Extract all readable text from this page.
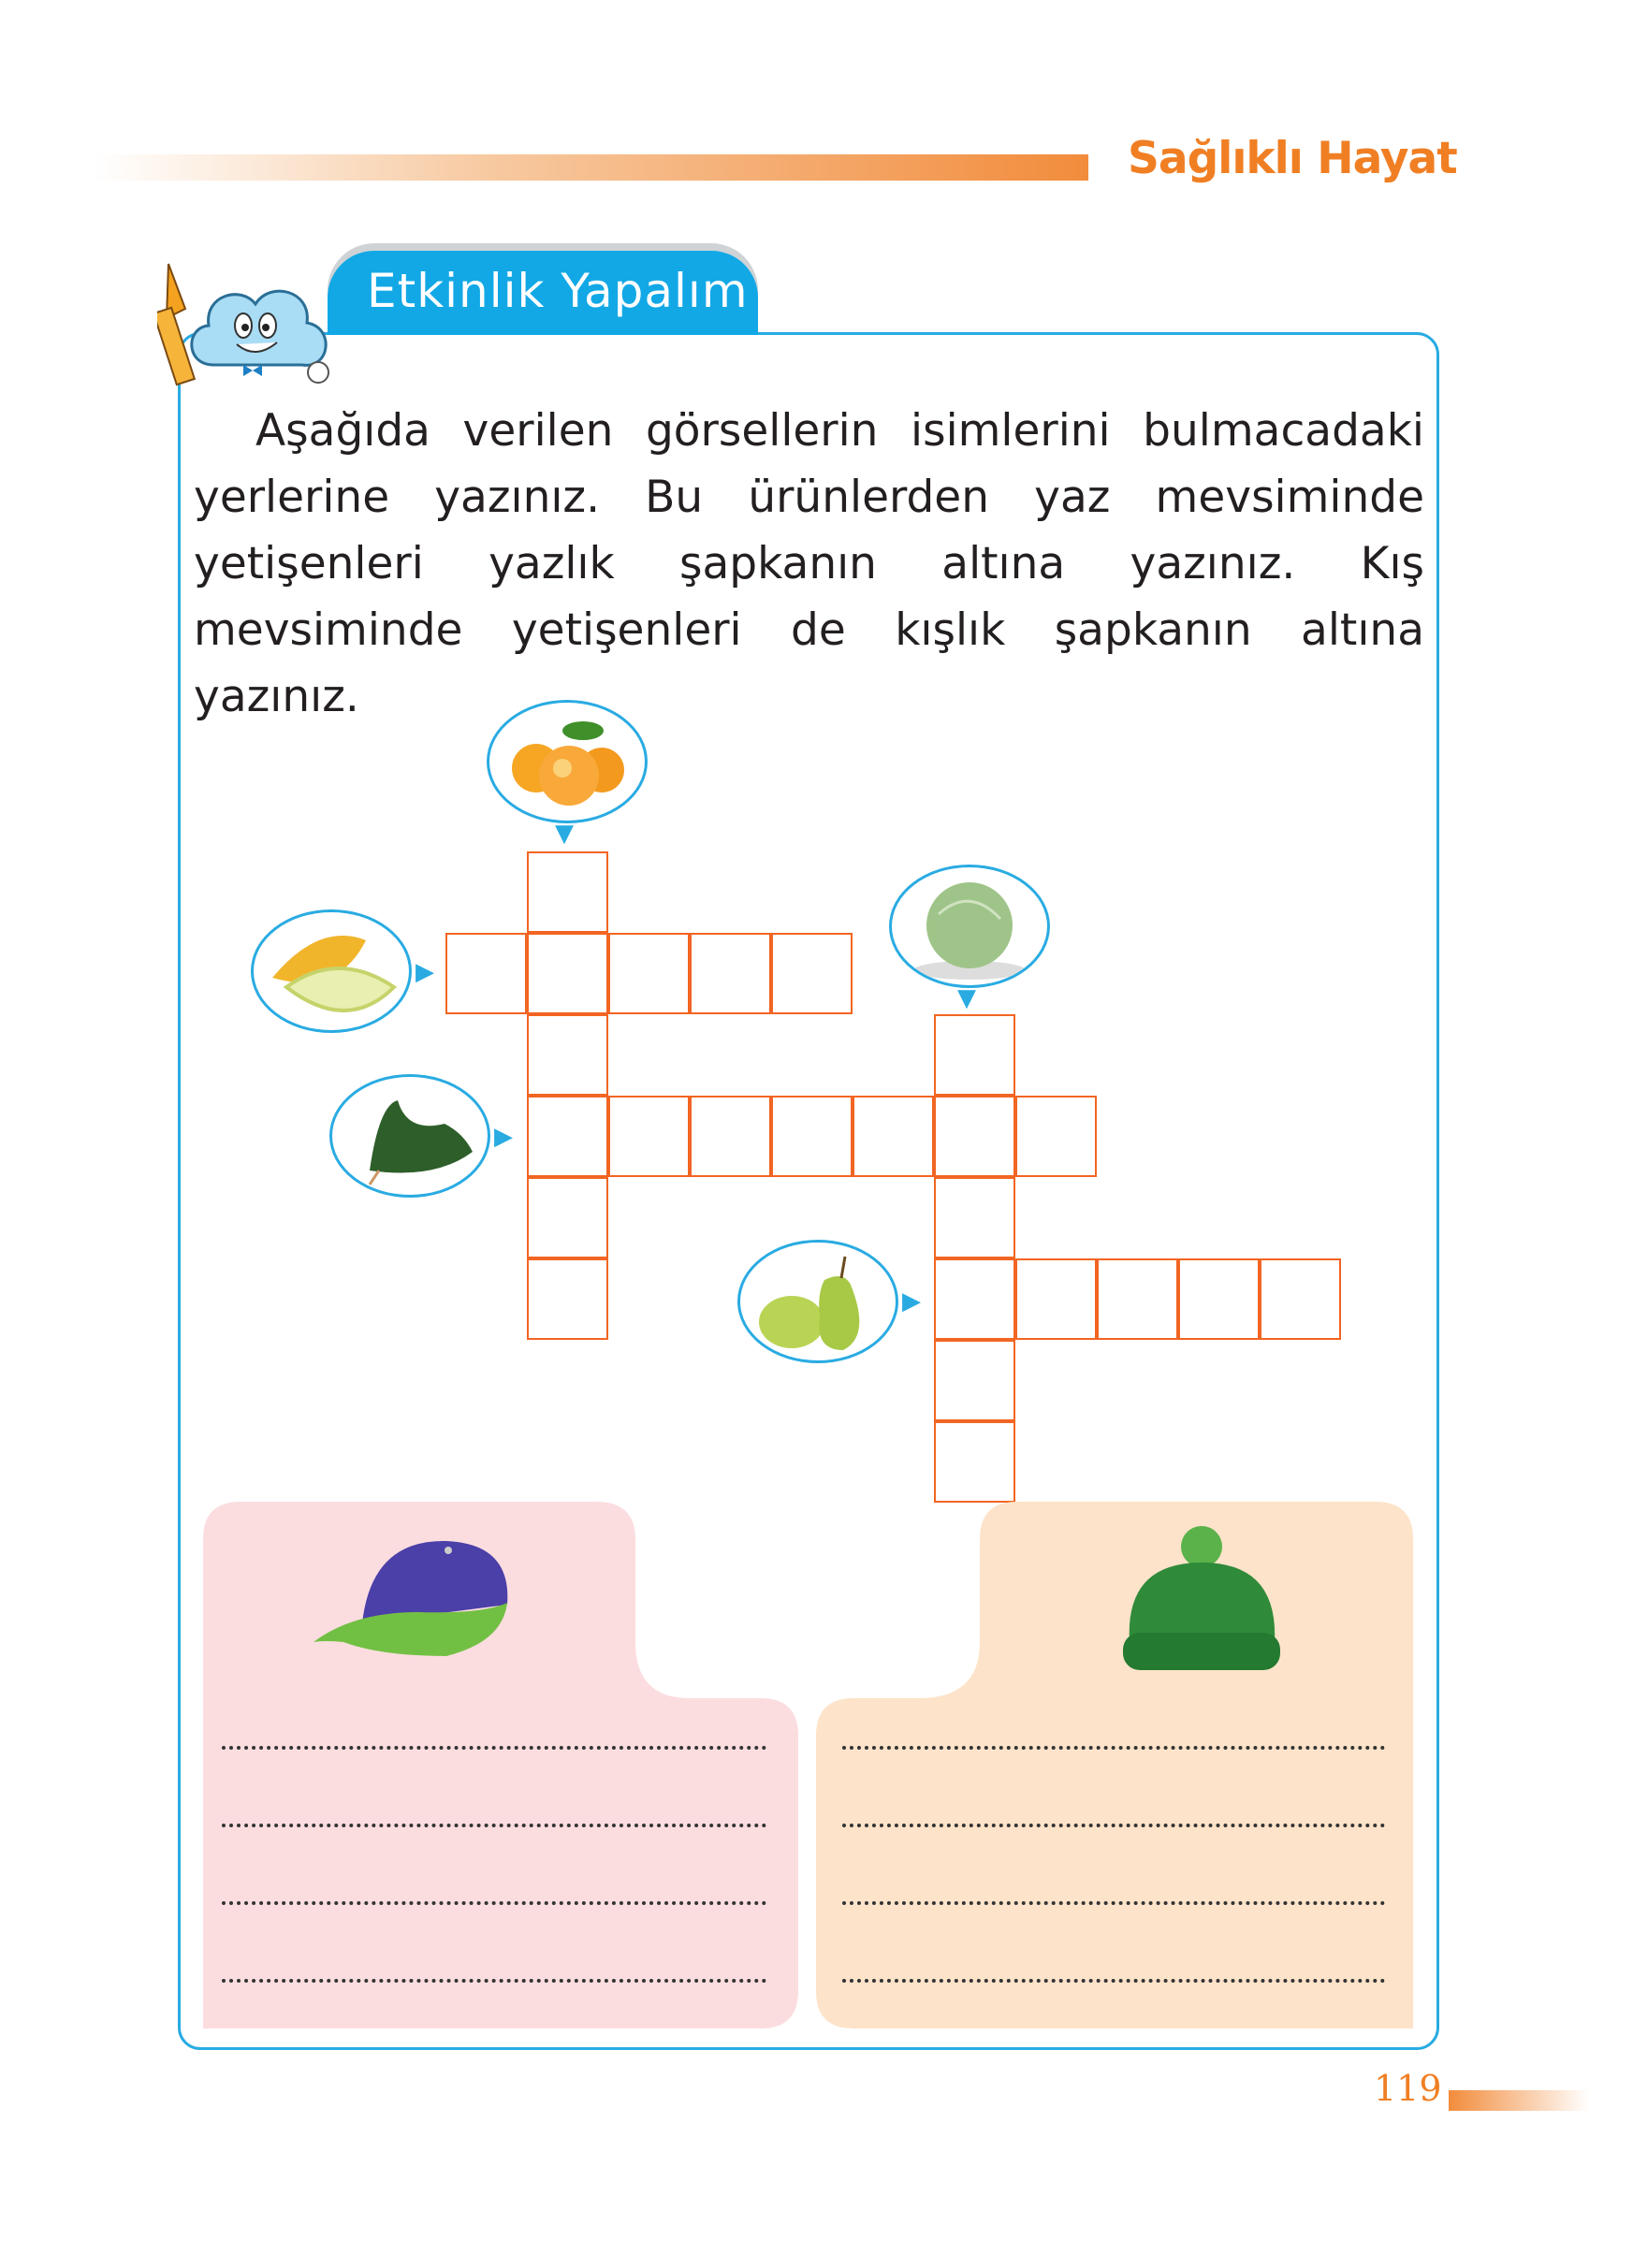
Sağlıklı Hayat
Etkinlik Yapalım

Aşağıda verilen görsellerin isimlerini bulmacadaki yerlerine yazınız. Bu ürünlerden yaz mevsiminde yetişenleri yazlık şapkanın altına yazınız. Kış mevsiminde yetişenleri de kışlık şapkanın altına yazınız.

▼
▶
▼
▶
▶
119
